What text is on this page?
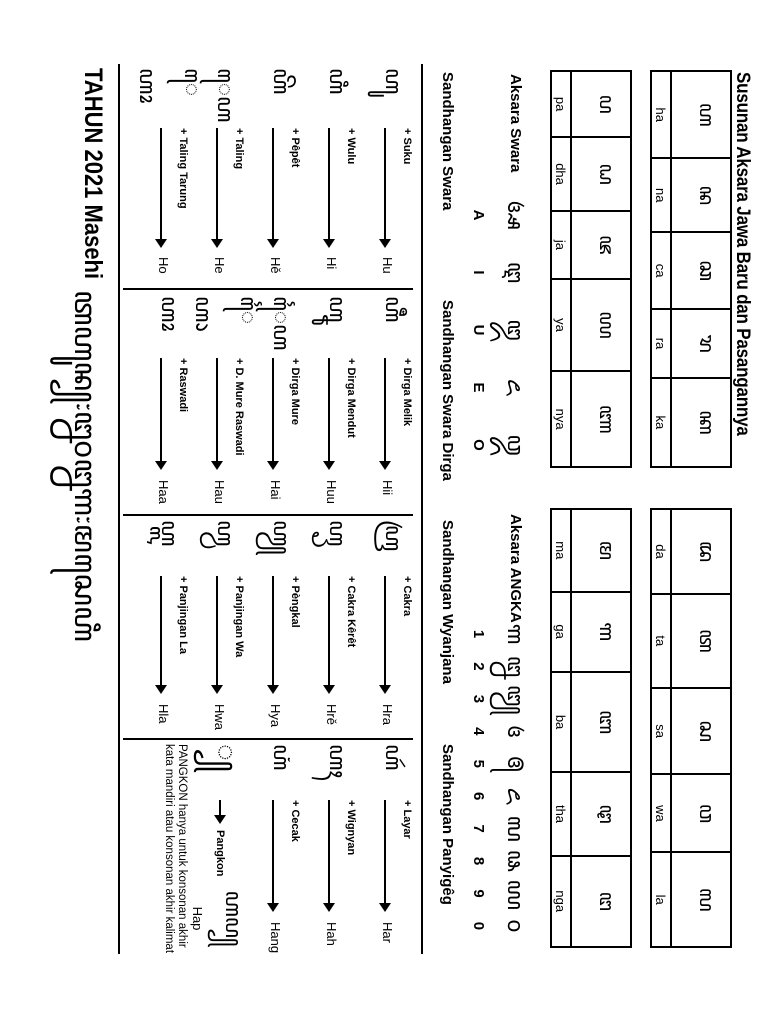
Susunan Aksara Jawa Baru dan Pasangannya
ꦲ	ꦤ	ꦕ	ꦫ	ꦏ
ha	na	ca	ra	ka
ꦢ	ꦠ	ꦱ	ꦮ	ꦭ
da	ta	sa	wa	la
ꦥ	ꦝ	ꦗ	ꦪ	ꦚ
pa	dha	ja	ya	nya
ꦩ	ꦒ	ꦧ	ꦛ	ꦔ
ma	ga	ba	tha	nga
Aksara Swara
ꦄ
A
ꦅ
I
ꦈ
U
ꦌ
E
ꦎ
O
Aksara ANGKA
꧑
1
꧒
2
꧓
3
꧔
4
꧕
5
꧖
6
꧗
7
꧘
8
꧙
9
꧐
0
Sandhangan Swara
ꦲꦸ
+ Suku
Hu
ꦲꦶ
+ Wulu
Hi
ꦲꦼ
+ Pêpêt
Hě
ꦺꦲ
+ Taling
He
ꦺꦲꦴ
+ Taling Tarung
Ho
Sandhangan Swara Dirga
ꦲꦷ
+ Dirga Melik
Hii
ꦲꦹ
+ Dirga Mendut
Huu
ꦻꦲ
+ Dirga Mure
Hai
ꦻꦲꦵ
+ D. Mure Raswadi
Hau
ꦲꦴ
+ Raswadi
Haa
Sandhangan Wyanjana
ꦲꦿ
+ Cakra
Hra
ꦲꦽ
+ Cakra Kêrêt
Hrě
ꦲꦾ
+ Pèngkal
Hya
ꦲ꧀ꦮ
+ Panjingan Wa
Hwa
ꦲ꧀ꦭ
+ Panjingan La
Hla
Sandhangan Panyigêg
ꦲꦂ
+ Layar
Har
ꦲꦃ
+ Wignyan
Hah
ꦲꦁ
+ Cecak
Hang
꧀
Pangkon
ꦲꦥ꧀
Hap
PANGKON hanya untuk konsonan akhir kata mandiri atau konsonan akhir kalimat
TAHUN 2021 Masehi
ꦠꦲꦸꦤ꧀꧇꧒꧐꧒꧑꧇ꦩꦱꦺꦲꦶ
